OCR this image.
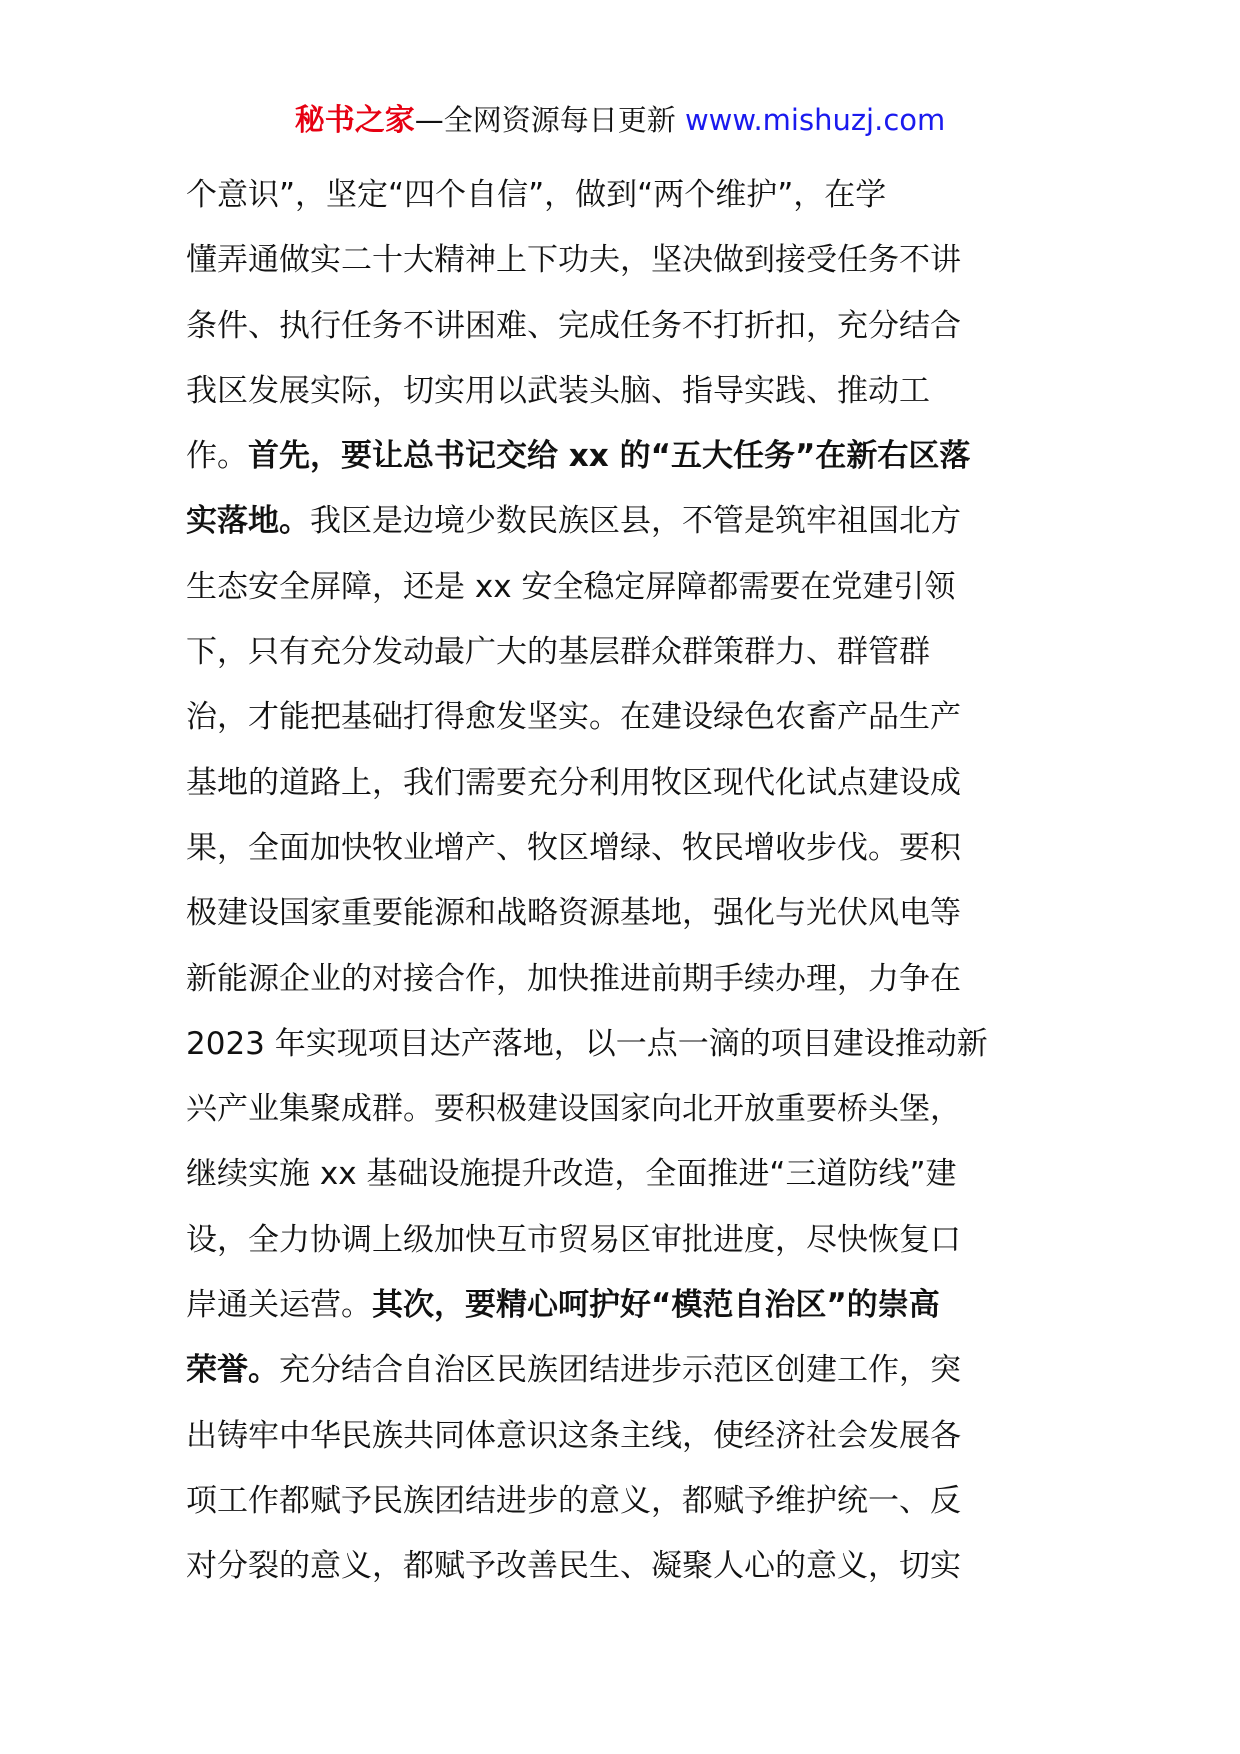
秘书之家—全网资源每日更新 www.mishuzj.com
个意识”，坚定“四个自信”，做到“两个维护”，在学
懂弄通做实二十大精神上下功夫，坚决做到接受任务不讲
条件、执行任务不讲困难、完成任务不打折扣，充分结合
我区发展实际，切实用以武装头脑、指导实践、推动工
作。首先，要让总书记交给 xx 的“五大任务”在新右区落
实落地。我区是边境少数民族区县，不管是筑牢祖国北方
生态安全屏障，还是 xx 安全稳定屏障都需要在党建引领
下，只有充分发动最广大的基层群众群策群力、群管群
治，才能把基础打得愈发坚实。在建设绿色农畜产品生产
基地的道路上，我们需要充分利用牧区现代化试点建设成
果，全面加快牧业增产、牧区增绿、牧民增收步伐。要积
极建设国家重要能源和战略资源基地，强化与光伏风电等
新能源企业的对接合作，加快推进前期手续办理，力争在
2023 年实现项目达产落地，以一点一滴的项目建设推动新
兴产业集聚成群。要积极建设国家向北开放重要桥头堡，
继续实施 xx 基础设施提升改造，全面推进“三道防线”建
设，全力协调上级加快互市贸易区审批进度，尽快恢复口
岸通关运营。其次，要精心呵护好“模范自治区”的崇高
荣誉。充分结合自治区民族团结进步示范区创建工作，突
出铸牢中华民族共同体意识这条主线，使经济社会发展各
项工作都赋予民族团结进步的意义，都赋予维护统一、反
对分裂的意义，都赋予改善民生、凝聚人心的意义，切实
